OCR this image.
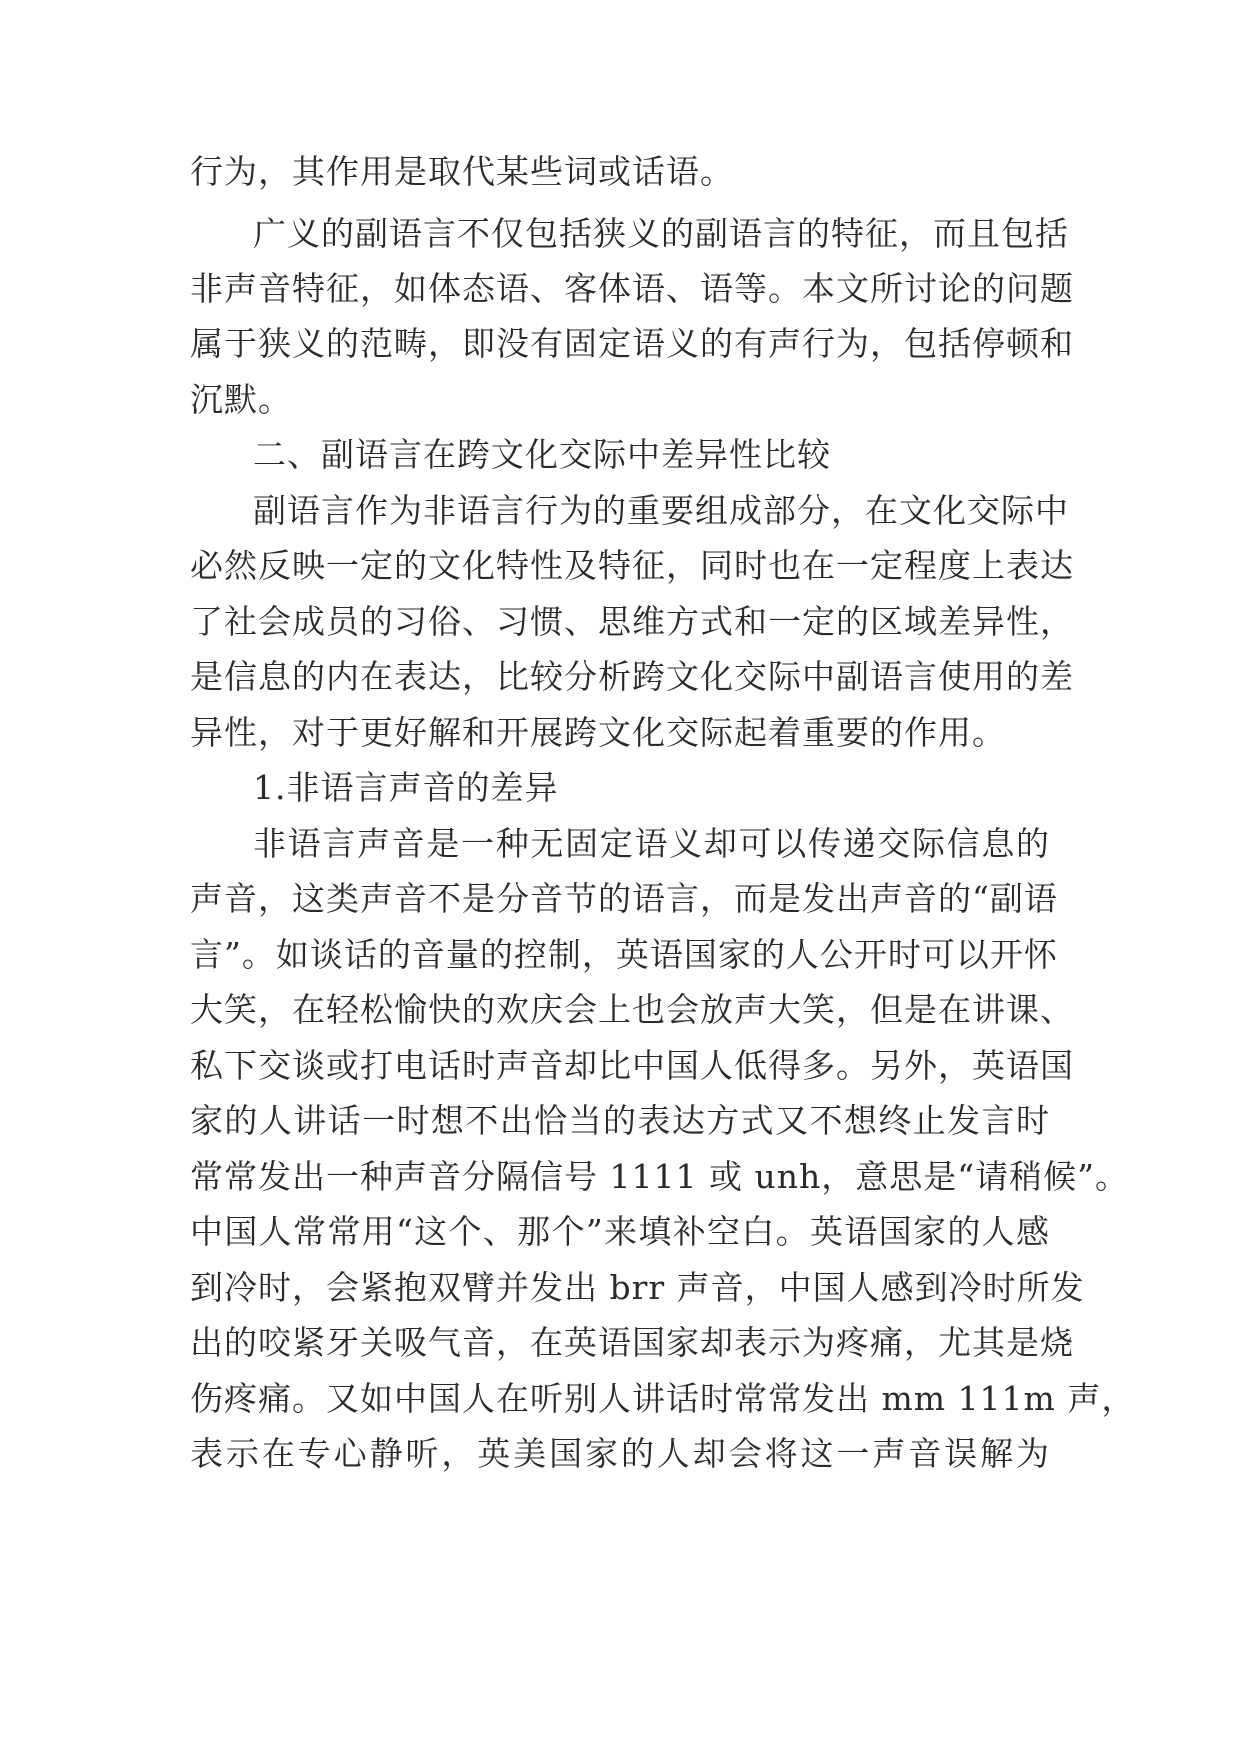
行为，其作用是取代某些词或话语。
广义的副语言不仅包括狭义的副语言的特征，而且包括
非声音特征，如体态语、客体语、语等。本文所讨论的问题
属于狭义的范畴，即没有固定语义的有声行为，包括停顿和
沉默。
二、副语言在跨文化交际中差异性比较
副语言作为非语言行为的重要组成部分，在文化交际中
必然反映一定的文化特性及特征，同时也在一定程度上表达
了社会成员的习俗、习惯、思维方式和一定的区域差异性，
是信息的内在表达，比较分析跨文化交际中副语言使用的差
异性，对于更好解和开展跨文化交际起着重要的作用。
1.非语言声音的差异
非语言声音是一种无固定语义却可以传递交际信息的
声音，这类声音不是分音节的语言，而是发出声音的“副语
言”。如谈话的音量的控制，英语国家的人公开时可以开怀
大笑，在轻松愉快的欢庆会上也会放声大笑，但是在讲课、
私下交谈或打电话时声音却比中国人低得多。另外，英语国
家的人讲话一时想不出恰当的表达方式又不想终止发言时
常常发出一种声音分隔信号 1111 或 unh，意思是“请稍候”。
中国人常常用“这个、那个”来填补空白。英语国家的人感
到冷时，会紧抱双臂并发出 brr 声音，中国人感到冷时所发
出的咬紧牙关吸气音，在英语国家却表示为疼痛，尤其是烧
伤疼痛。又如中国人在听别人讲话时常常发出 mm 111m 声，
表示在专心静听，英美国家的人却会将这一声音误解为
